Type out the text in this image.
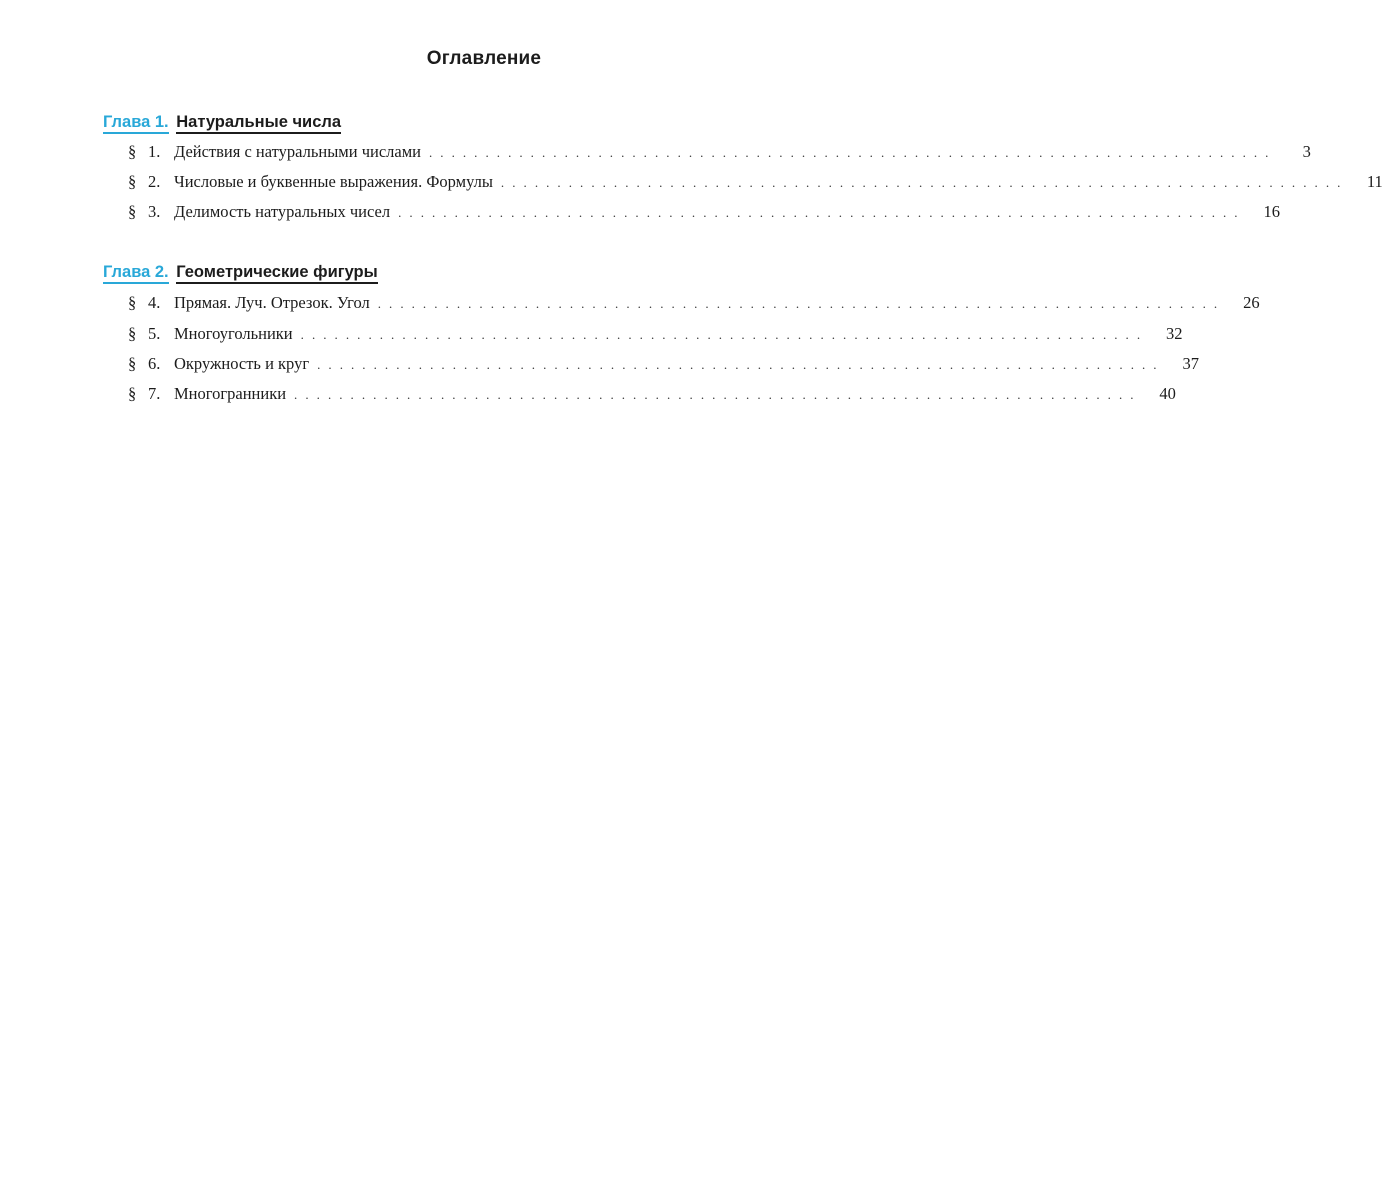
Оглавление
Глава 1. Натуральные числа
§ 1. Действия с натуральными числами . . . . . . . . . . . . . . . . . . . . . . . . . . . . . . . . . . . . . . . . . . . . . . . . . . . . . . . . . . . . . . . . . . . . . . . . . . .	3
§ 2. Числовые и буквенные выражения. Формулы . . . . . . . . . . . . . . . . . . . . . . . . . . . . . . . . . . . . . . . . . . . . . . . . . . . . . . . . . . . . . . . . . . . . . . . . . . .	11
§ 3. Делимость натуральных чисел . . . . . . . . . . . . . . . . . . . . . . . . . . . . . . . . . . . . . . . . . . . . . . . . . . . . . . . . . . . . . . . . . . . . . . . . . . .	16
Глава 2. Геометрические фигуры
§ 4. Прямая. Луч. Отрезок. Угол . . . . . . . . . . . . . . . . . . . . . . . . . . . . . . . . . . . . . . . . . . . . . . . . . . . . . . . . . . . . . . . . . . . . . . . . . . .	26
§ 5. Многоугольники . . . . . . . . . . . . . . . . . . . . . . . . . . . . . . . . . . . . . . . . . . . . . . . . . . . . . . . . . . . . . . . . . . . . . . . . . . .	32
§ 6. Окружность и круг . . . . . . . . . . . . . . . . . . . . . . . . . . . . . . . . . . . . . . . . . . . . . . . . . . . . . . . . . . . . . . . . . . . . . . . . . . .	37
§ 7. Многогранники . . . . . . . . . . . . . . . . . . . . . . . . . . . . . . . . . . . . . . . . . . . . . . . . . . . . . . . . . . . . . . . . . . . . . . . . . . .	40
